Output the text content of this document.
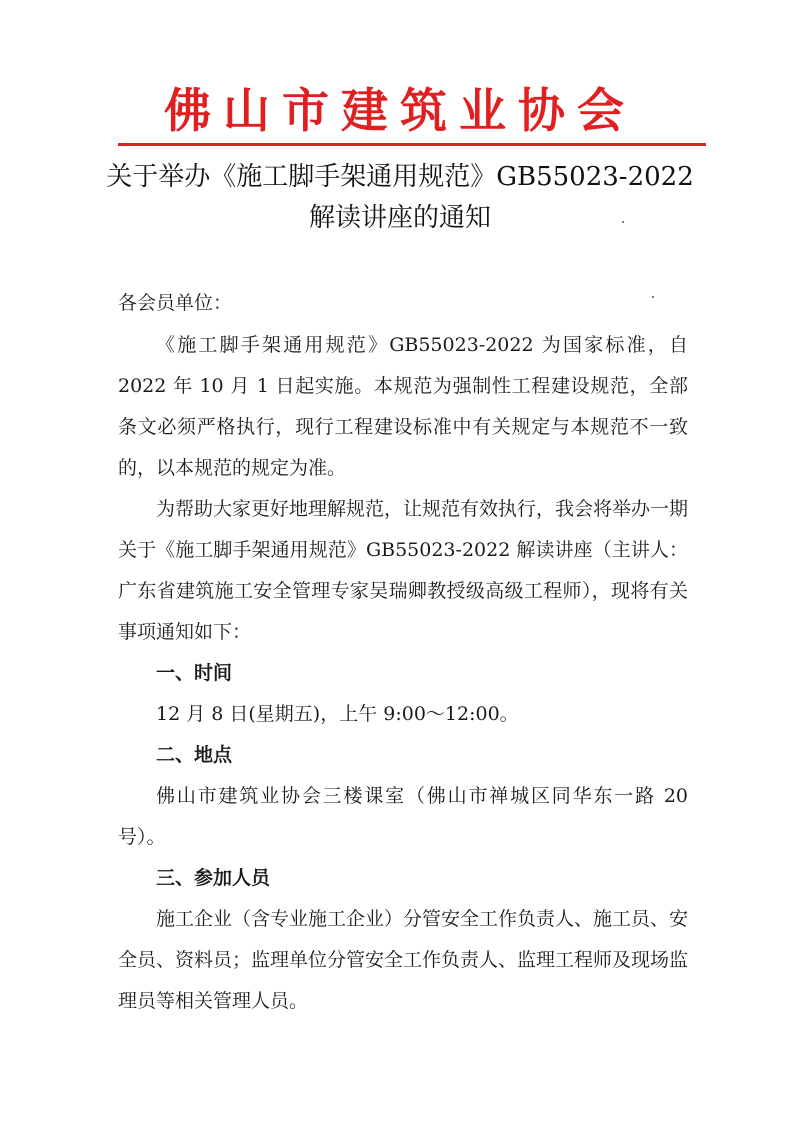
佛山市建筑业协会
关于举办《施工脚手架通用规范》GB55023-2022
解读讲座的通知
各会员单位：
《施工脚手架通用规范》GB55023-2022 为国家标准，自 2022 年 10 月 1 日起实施。本规范为强制性工程建设规范，全部条文必须严格执行，现行工程建设标准中有关规定与本规范不一致的，以本规范的规定为准。
为帮助大家更好地理解规范，让规范有效执行，我会将举办一期关于《施工脚手架通用规范》GB55023-2022 解读讲座（主讲人：广东省建筑施工安全管理专家吴瑞卿教授级高级工程师），现将有关事项通知如下：
一、时间
12 月 8 日(星期五)，上午 9:00～12:00。
二、地点
佛山市建筑业协会三楼课室（佛山市禅城区同华东一路 20 号）。
三、参加人员
施工企业（含专业施工企业）分管安全工作负责人、施工员、安全员、资料员；监理单位分管安全工作负责人、监理工程师及现场监理员等相关管理人员。
